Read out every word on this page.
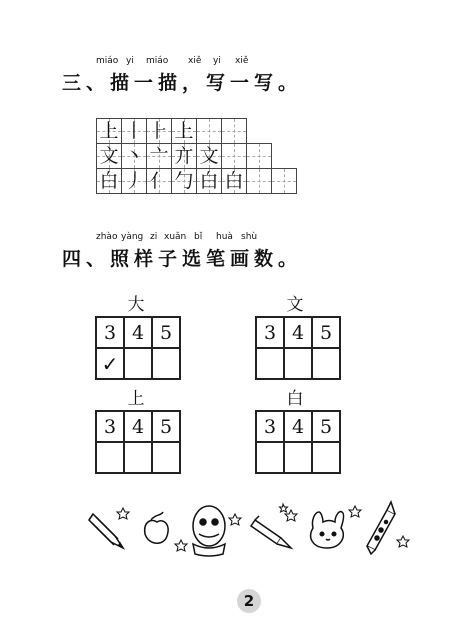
miáo yi miáo xiě yi xiě
三、描一描，写一写。
上 丨 ⺊ 上
文 丶 亠 亣 文
白 丿 亻 勹 白 白
zhào yàng zi xuǎn bǐ huà shù
四、照样子选笔画数。
大
3	4	5
✓		
文
3	4	5

上
3	4	5

白
3	4	5

2
